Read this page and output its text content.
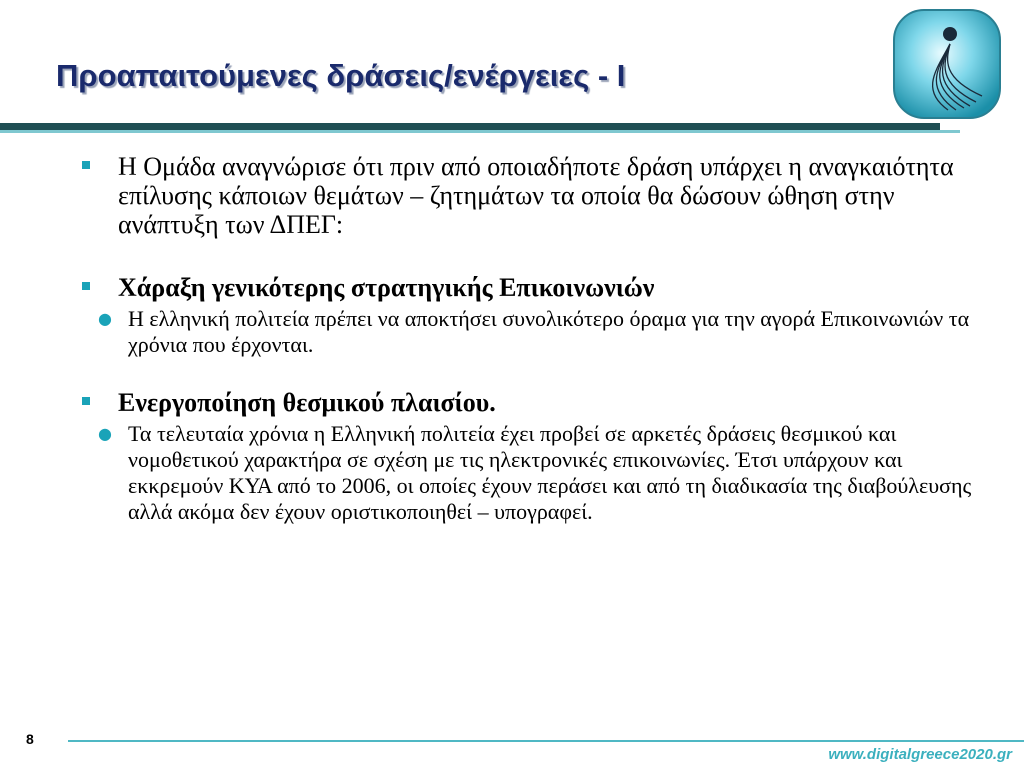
Προαπαιτούμενες δράσεις/ενέργειες - Ι

Η Ομάδα αναγνώρισε ότι πριν από οποιαδήποτε δράση υπάρχει η αναγκαιότητα επίλυσης κάποιων θεμάτων – ζητημάτων τα οποία θα δώσουν ώθηση στην ανάπτυξη των ΔΠΕΓ:

Χάραξη γενικότερης στρατηγικής Επικοινωνιών

● Η ελληνική πολιτεία πρέπει να αποκτήσει συνολικότερο όραμα για την αγορά Επικοινωνιών τα χρόνια που έρχονται.

Ενεργοποίηση θεσμικού πλαισίου.

● Τα τελευταία χρόνια η Ελληνική πολιτεία έχει προβεί σε αρκετές δράσεις θεσμικού και νομοθετικού χαρακτήρα σε σχέση με τις ηλεκτρονικές επικοινωνίες. Έτσι υπάρχουν και εκκρεμούν ΚΥΑ από το 2006, οι οποίες έχουν περάσει και από τη διαδικασία της διαβούλευσης αλλά ακόμα δεν έχουν οριστικοποιηθεί – υπογραφεί.

8
www.digitalgreece2020.gr
